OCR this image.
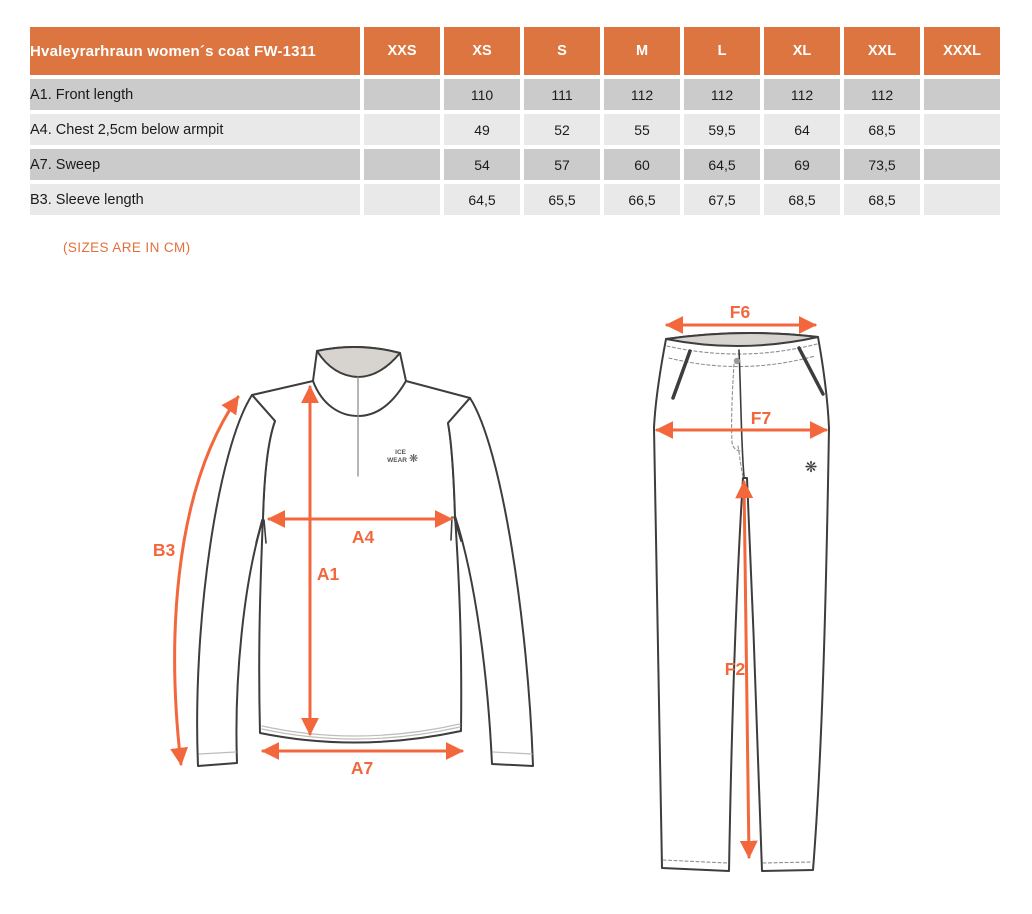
Hvaleyrarhraun women´s coat FW-1311	XXS	XS	S	M	L	XL	XXL	XXXL
A1. Front length		110	111	112	112	112	112	
A4. Chest 2,5cm below armpit		49	52	55	59,5	64	68,5	
A7. Sweep		54	57	60	64,5	69	73,5	
B3. Sleeve length		64,5	65,5	66,5	67,5	68,5	68,5	
(SIZES ARE IN CM)
ICE
WEAR ❋
B3
A4
A1
A7
❋
F6
F7
F2
